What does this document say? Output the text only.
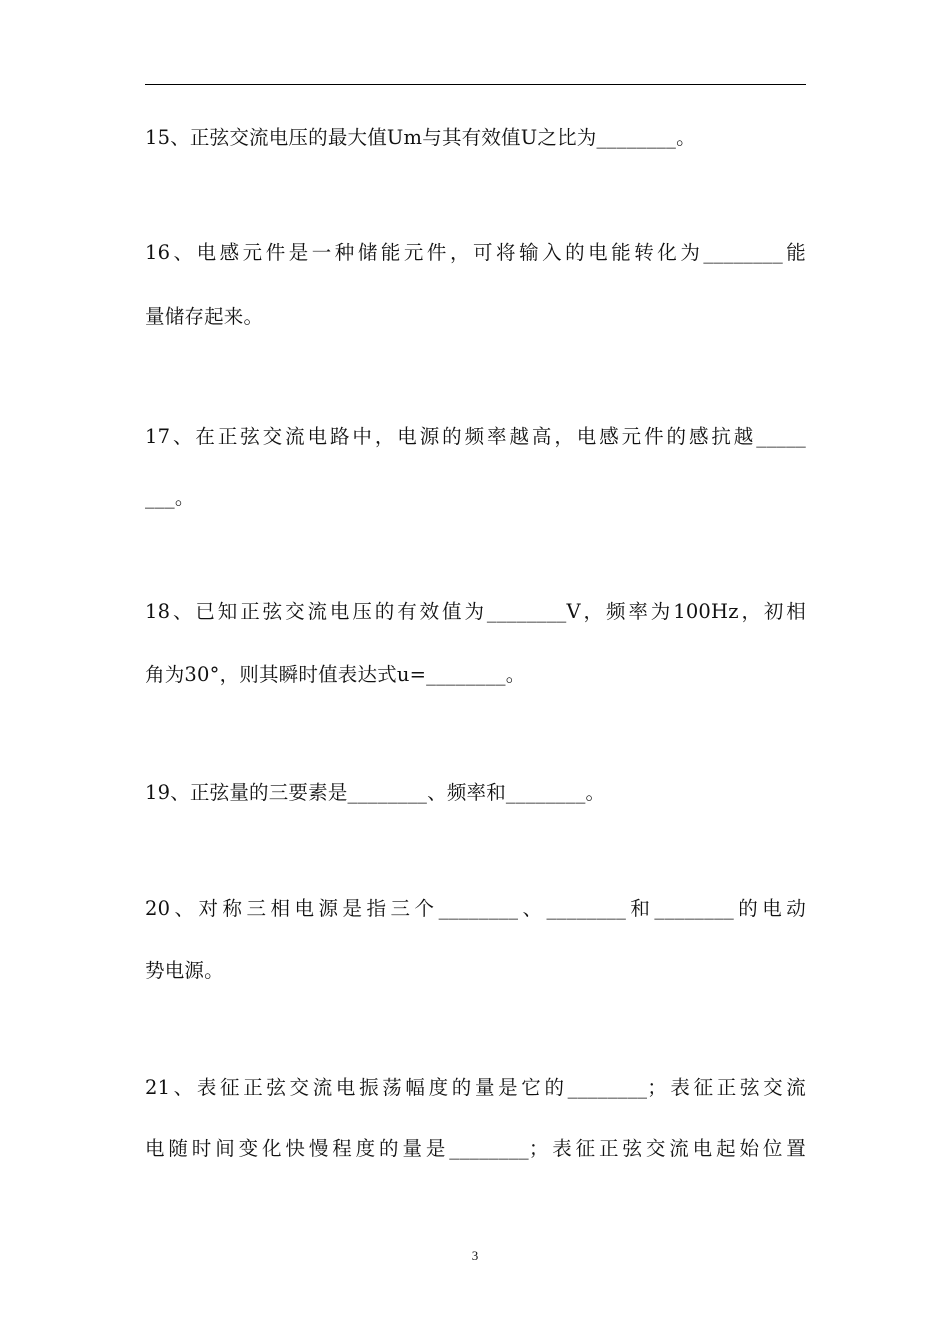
15、正弦交流电压的最大值Um与其有效值U之比为________。
16、电感元件是一种储能元件，可将输入的电能转化为________能
量储存起来。
17、在正弦交流电路中，电源的频率越高，电感元件的感抗越_____
___。
18、已知正弦交流电压的有效值为________V，频率为100Hz，初相
角为30°，则其瞬时值表达式u=________。
19、正弦量的三要素是________、频率和________。
20、对称三相电源是指三个________、________和________的电动
势电源。
21、表征正弦交流电振荡幅度的量是它的________；表征正弦交流
电随时间变化快慢程度的量是________；表征正弦交流电起始位置
3
